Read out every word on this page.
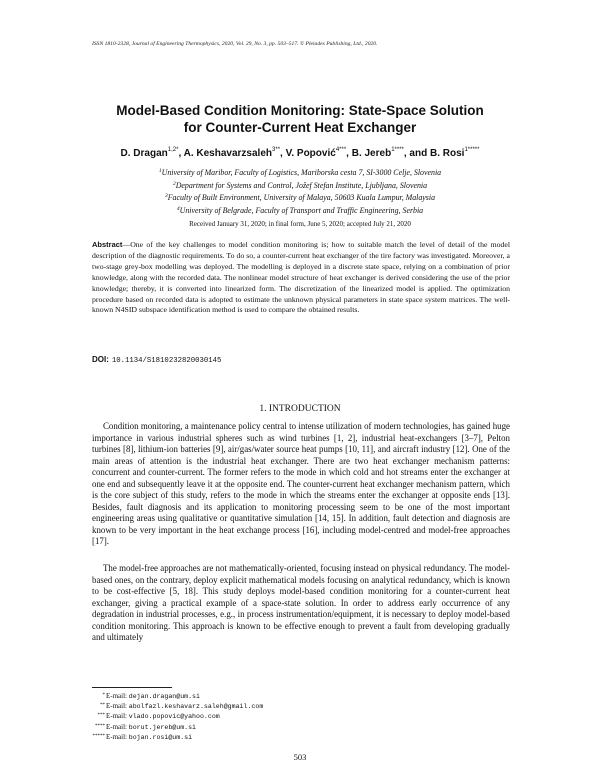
ISSN 1810-2328, Journal of Engineering Thermophysics, 2020, Vol. 29, No. 3, pp. 503–517. © Pleiades Publishing, Ltd., 2020.
Model-Based Condition Monitoring: State-Space Solution
for Counter-Current Heat Exchanger
D. Dragan$^{1,2*}$, A. Keshavarzsaleh$^{3**}$, V. Popović$^{4***}$, B. Jereb$^{1****}$, and B. Rosi$^{1*****}$
$^1$University of Maribor, Faculty of Logistics, Mariborska cesta 7, SI-3000 Celje, Slovenia
$^2$Department for Systems and Control, Jožef Stefan Institute, Ljubljana, Slovenia
$^3$Faculty of Built Environment, University of Malaya, 50603 Kuala Lumpur, Malaysia
$^4$University of Belgrade, Faculty of Transport and Traffic Engineering, Serbia
Received January 31, 2020; in final form, June 5, 2020; accepted July 21, 2020
Abstract—One of the key challenges to model condition monitoring is; how to suitable match the level of detail of the model description of the diagnostic requirements. To do so, a counter-current heat exchanger of the tire factory was investigated. Moreover, a two-stage grey-box modelling was deployed. The modelling is deployed in a discrete state space, relying on a combination of prior knowledge, along with the recorded data. The nonlinear model structure of heat exchanger is derived considering the use of the prior knowledge; thereby, it is converted into linearized form. The discretization of the linearized model is applied. The optimization procedure based on recorded data is adopted to estimate the unknown physical parameters in state space system matrices. The well-known N4SID subspace identification method is used to compare the obtained results.
DOI: 10.1134/S1810232820030145
1. INTRODUCTION
Condition monitoring, a maintenance policy central to intense utilization of modern technologies, has gained huge importance in various industrial spheres such as wind turbines [1, 2], industrial heat-exchangers [3–7], Pelton turbines [8], lithium-ion batteries [9], air/gas/water source heat pumps [10, 11], and aircraft industry [12]. One of the main areas of attention is the industrial heat exchanger. There are two heat exchanger mechanism patterns: concurrent and counter-current. The former refers to the mode in which cold and hot streams enter the exchanger at one end and subsequently leave it at the opposite end. The counter-current heat exchanger mechanism pattern, which is the core subject of this study, refers to the mode in which the streams enter the exchanger at opposite ends [13]. Besides, fault diagnosis and its application to monitoring processing seem to be one of the most important engineering areas using qualitative or quantitative simulation [14, 15]. In addition, fault detection and diagnosis are known to be very important in the heat exchange process [16], including model-centred and model-free approaches [17].
The model-free approaches are not mathematically-oriented, focusing instead on physical redundancy. The model-based ones, on the contrary, deploy explicit mathematical models focusing on analytical redundancy, which is known to be cost-effective [5, 18]. This study deploys model-based condition monitoring for a counter-current heat exchanger, giving a practical example of a space-state solution. In order to address early occurrence of any degradation in industrial processes, e.g., in process instrumentation/equipment, it is necessary to deploy model-based condition monitoring. This approach is known to be effective enough to prevent a fault from developing gradually and ultimately
*E-mail: dejan.dragan@um.si
**E-mail: abolfazl.keshavarz.saleh@gmail.com
***E-mail: vlado.popovic@yahoo.com
****E-mail: borut.jereb@um.si
*****E-mail: bojan.rosi@um.si
503
